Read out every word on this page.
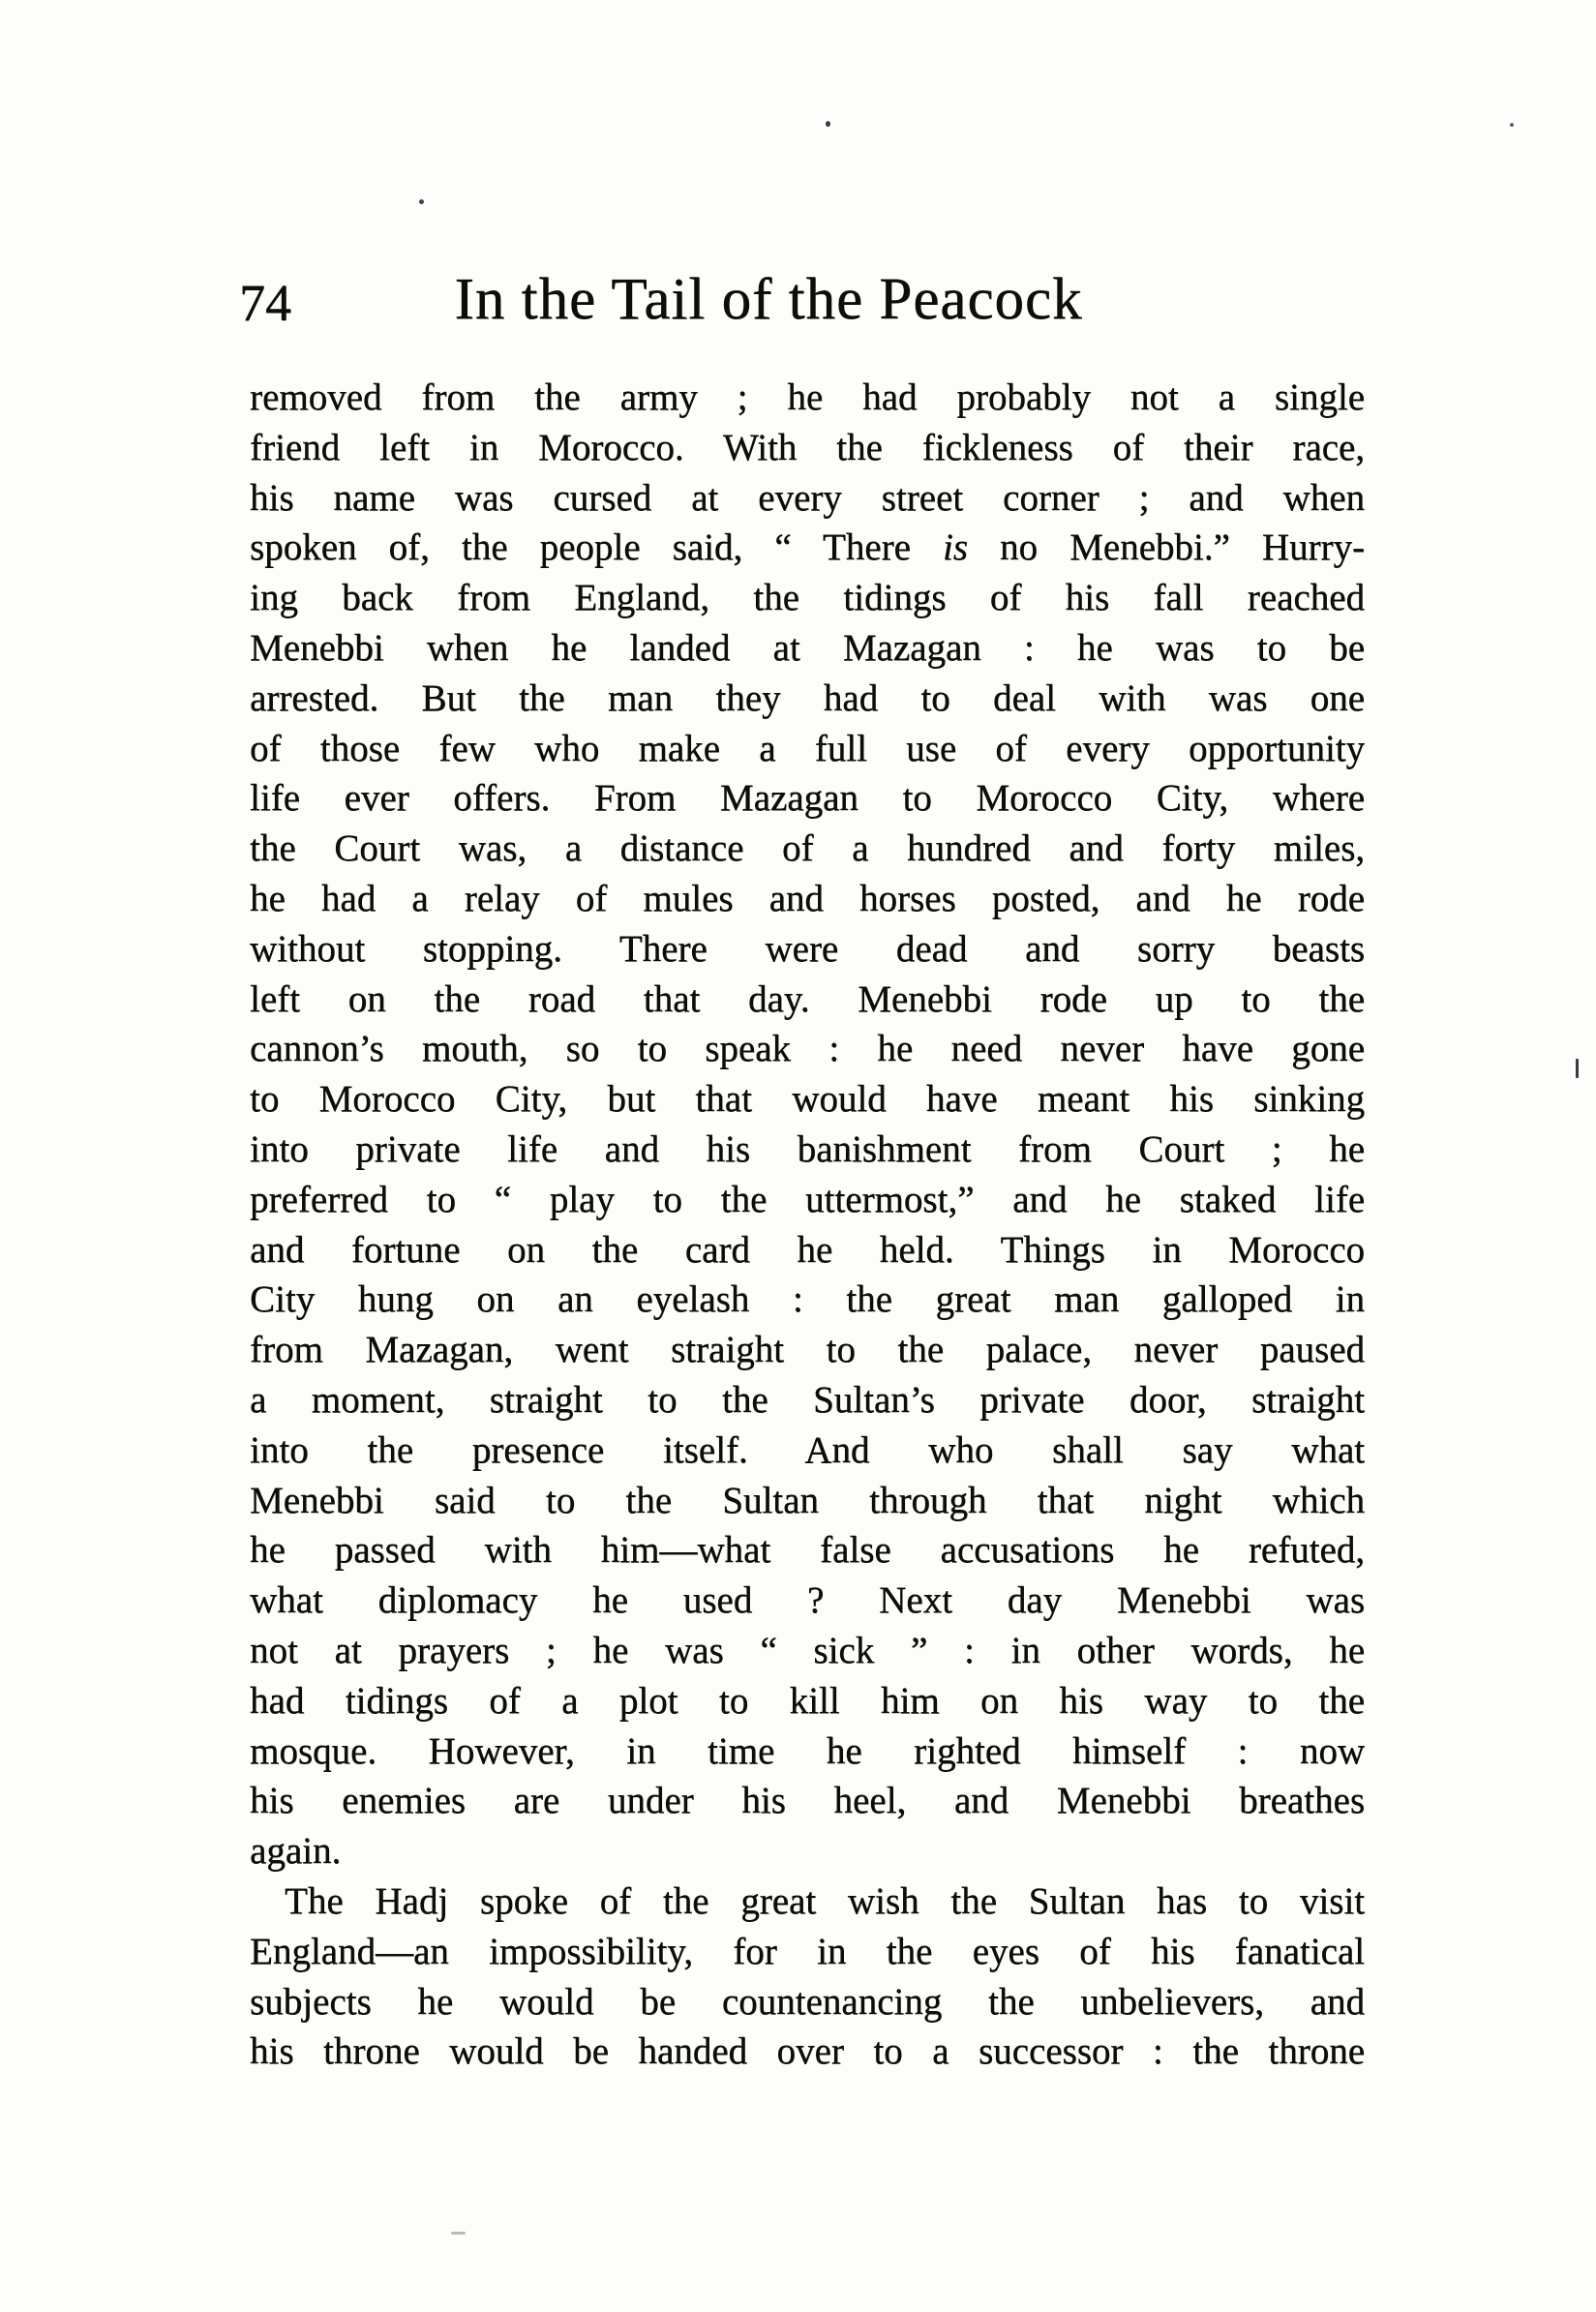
74	In the Tail of the Peacock
removed from the army ; he had probably not a single
friend left in Morocco. With the fickleness of their race,
his name was cursed at every street corner ; and when
spoken of, the people said, “ There is no Menebbi.” Hurry-
ing back from England, the tidings of his fall reached
Menebbi when he landed at Mazagan : he was to be
arrested. But the man they had to deal with was one
of those few who make a full use of every opportunity
life ever offers. From Mazagan to Morocco City, where
the Court was, a distance of a hundred and forty miles,
he had a relay of mules and horses posted, and he rode
without stopping. There were dead and sorry beasts
left on the road that day. Menebbi rode up to the
cannon’s mouth, so to speak : he need never have gone
to Morocco City, but that would have meant his sinking
into private life and his banishment from Court ; he
preferred to “ play to the uttermost,” and he staked life
and fortune on the card he held. Things in Morocco
City hung on an eyelash : the great man galloped in
from Mazagan, went straight to the palace, never paused
a moment, straight to the Sultan’s private door, straight
into the presence itself. And who shall say what
Menebbi said to the Sultan through that night which
he passed with him—what false accusations he refuted,
what diplomacy he used ? Next day Menebbi was
not at prayers ; he was “ sick ” : in other words, he
had tidings of a plot to kill him on his way to the
mosque. However, in time he righted himself : now
his enemies are under his heel, and Menebbi breathes
again.
The Hadj spoke of the great wish the Sultan has to visit
England—an impossibility, for in the eyes of his fanatical
subjects he would be countenancing the unbelievers, and
his throne would be handed over to a successor : the throne
